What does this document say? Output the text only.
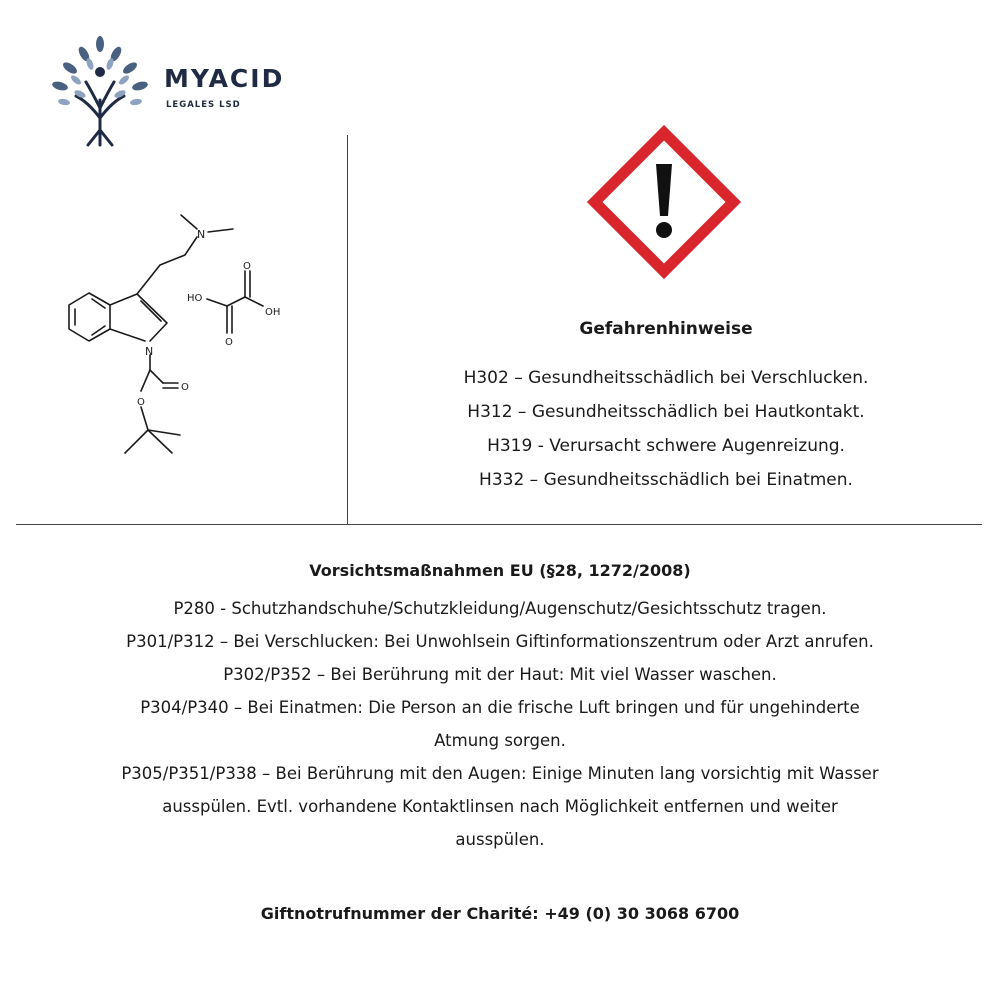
MYACID
LEGALES LSD
N
N
HO
OH
O
O
O
O
Gefahrenhinweise
H302 – Gesundheitsschädlich bei Verschlucken.
H312 – Gesundheitsschädlich bei Hautkontakt.
H319 - Verursacht schwere Augenreizung.
H332 – Gesundheitsschädlich bei Einatmen.
Vorsichtsmaßnahmen EU (§28, 1272/2008)
P280 - Schutzhandschuhe/Schutzkleidung/Augenschutz/Gesichtsschutz tragen.
P301/P312 – Bei Verschlucken: Bei Unwohlsein Giftinformationszentrum oder Arzt anrufen.
P302/P352 – Bei Berührung mit der Haut: Mit viel Wasser waschen.
P304/P340 – Bei Einatmen: Die Person an die frische Luft bringen und für ungehinderte
Atmung sorgen.
P305/P351/P338 – Bei Berührung mit den Augen: Einige Minuten lang vorsichtig mit Wasser
ausspülen. Evtl. vorhandene Kontaktlinsen nach Möglichkeit entfernen und weiter
ausspülen.
Giftnotrufnummer der Charité: +49 (0) 30 3068 6700
